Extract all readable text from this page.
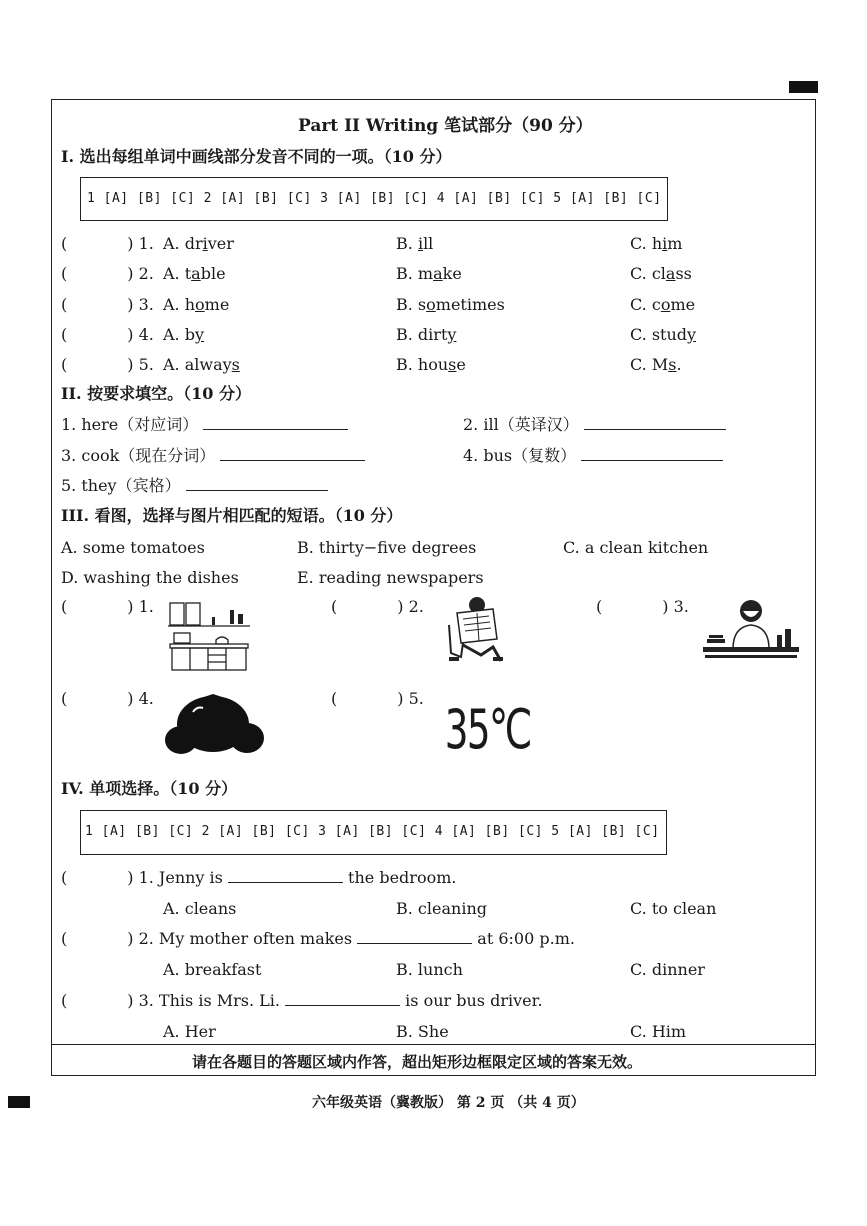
Part II Writing 笔试部分（90 分）
I. 选出每组单词中画线部分发音不同的一项。（10 分）
1 [A] [B] [C] 2 [A] [B] [C] 3 [A] [B] [C] 4 [A] [B] [C] 5 [A] [B] [C]
(	) 1. A. driver	B. ill	C. him
(	) 2. A. table	B. make	C. class
(	) 3. A. home	B. sometimes	C. come
(	) 4. A. by	B. dirty	C. study
(	) 5. A. always	B. house	C. Ms.
II. 按要求填空。（10 分）
1. here（对应词）	2. ill（英译汉）
3. cook（现在分词）	4. bus（复数）
5. they（宾格）
III. 看图，选择与图片相匹配的短语。（10 分）
A. some tomatoes	B. thirty−five degrees	C. a clean kitchen
D. washing the dishes	E. reading newspapers
(	) 1.	(	) 2.	(	) 3.
(	) 4.	(	) 5. 35℃
IV. 单项选择。（10 分）
1 [A] [B] [C] 2 [A] [B] [C] 3 [A] [B] [C] 4 [A] [B] [C] 5 [A] [B] [C]
(	) 1. Jenny is	the bedroom.
A. cleans	B. cleaning	C. to clean
(	) 2. My mother often makes	at 6:00 p.m.
A. breakfast	B. lunch	C. dinner
(	) 3. This is Mrs. Li.	is our bus driver.
A. Her	B. She	C. Him
请在各题目的答题区域内作答，超出矩形边框限定区域的答案无效。
六年级英语（冀教版） 第 2 页 （共 4 页）
